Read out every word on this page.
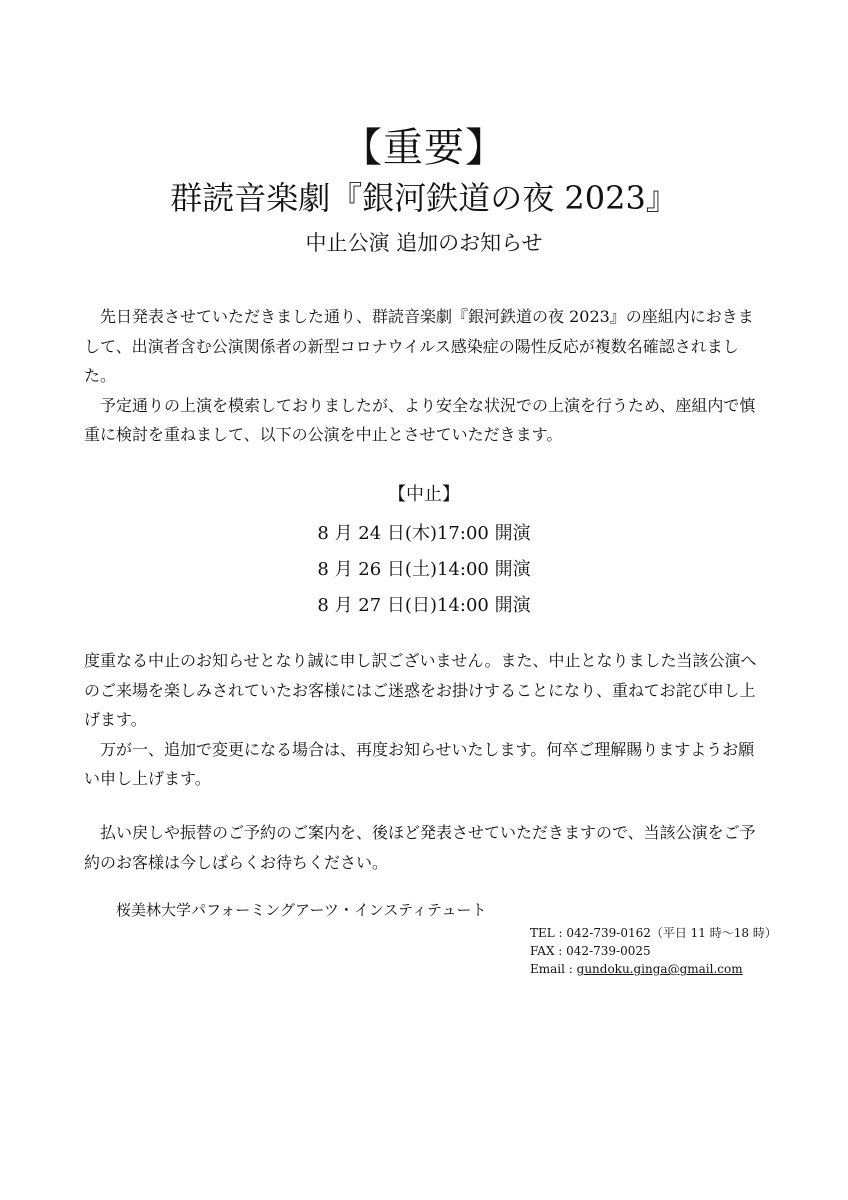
【重要】
群読音楽劇『銀河鉄道の夜 2023』
中止公演 追加のお知らせ

先日発表させていただきました通り、群読音楽劇『銀河鉄道の夜 2023』の座組内におきまして、出演者含む公演関係者の新型コロナウイルス感染症の陽性反応が複数名確認されました。

予定通りの上演を模索しておりましたが、より安全な状況での上演を行うため、座組内で慎重に検討を重ねまして、以下の公演を中止とさせていただきます。

【中止】
8 月 24 日(木)17:00 開演
8 月 26 日(土)14:00 開演
8 月 27 日(日)14:00 開演

度重なる中止のお知らせとなり誠に申し訳ございません。また、中止となりました当該公演へのご来場を楽しみされていたお客様にはご迷惑をお掛けすることになり、重ねてお詫び申し上げます。

万が一、追加で変更になる場合は、再度お知らせいたします。何卒ご理解賜りますようお願い申し上げます。

払い戻しや振替のご予約のご案内を、後ほど発表させていただきますので、当該公演をご予約のお客様は今しばらくお待ちください。

桜美林大学パフォーミングアーツ・インスティテュート
TEL : 042-739-0162（平日 11 時〜18 時）
FAX : 042-739-0025
Email : gundoku.ginga@gmail.com
